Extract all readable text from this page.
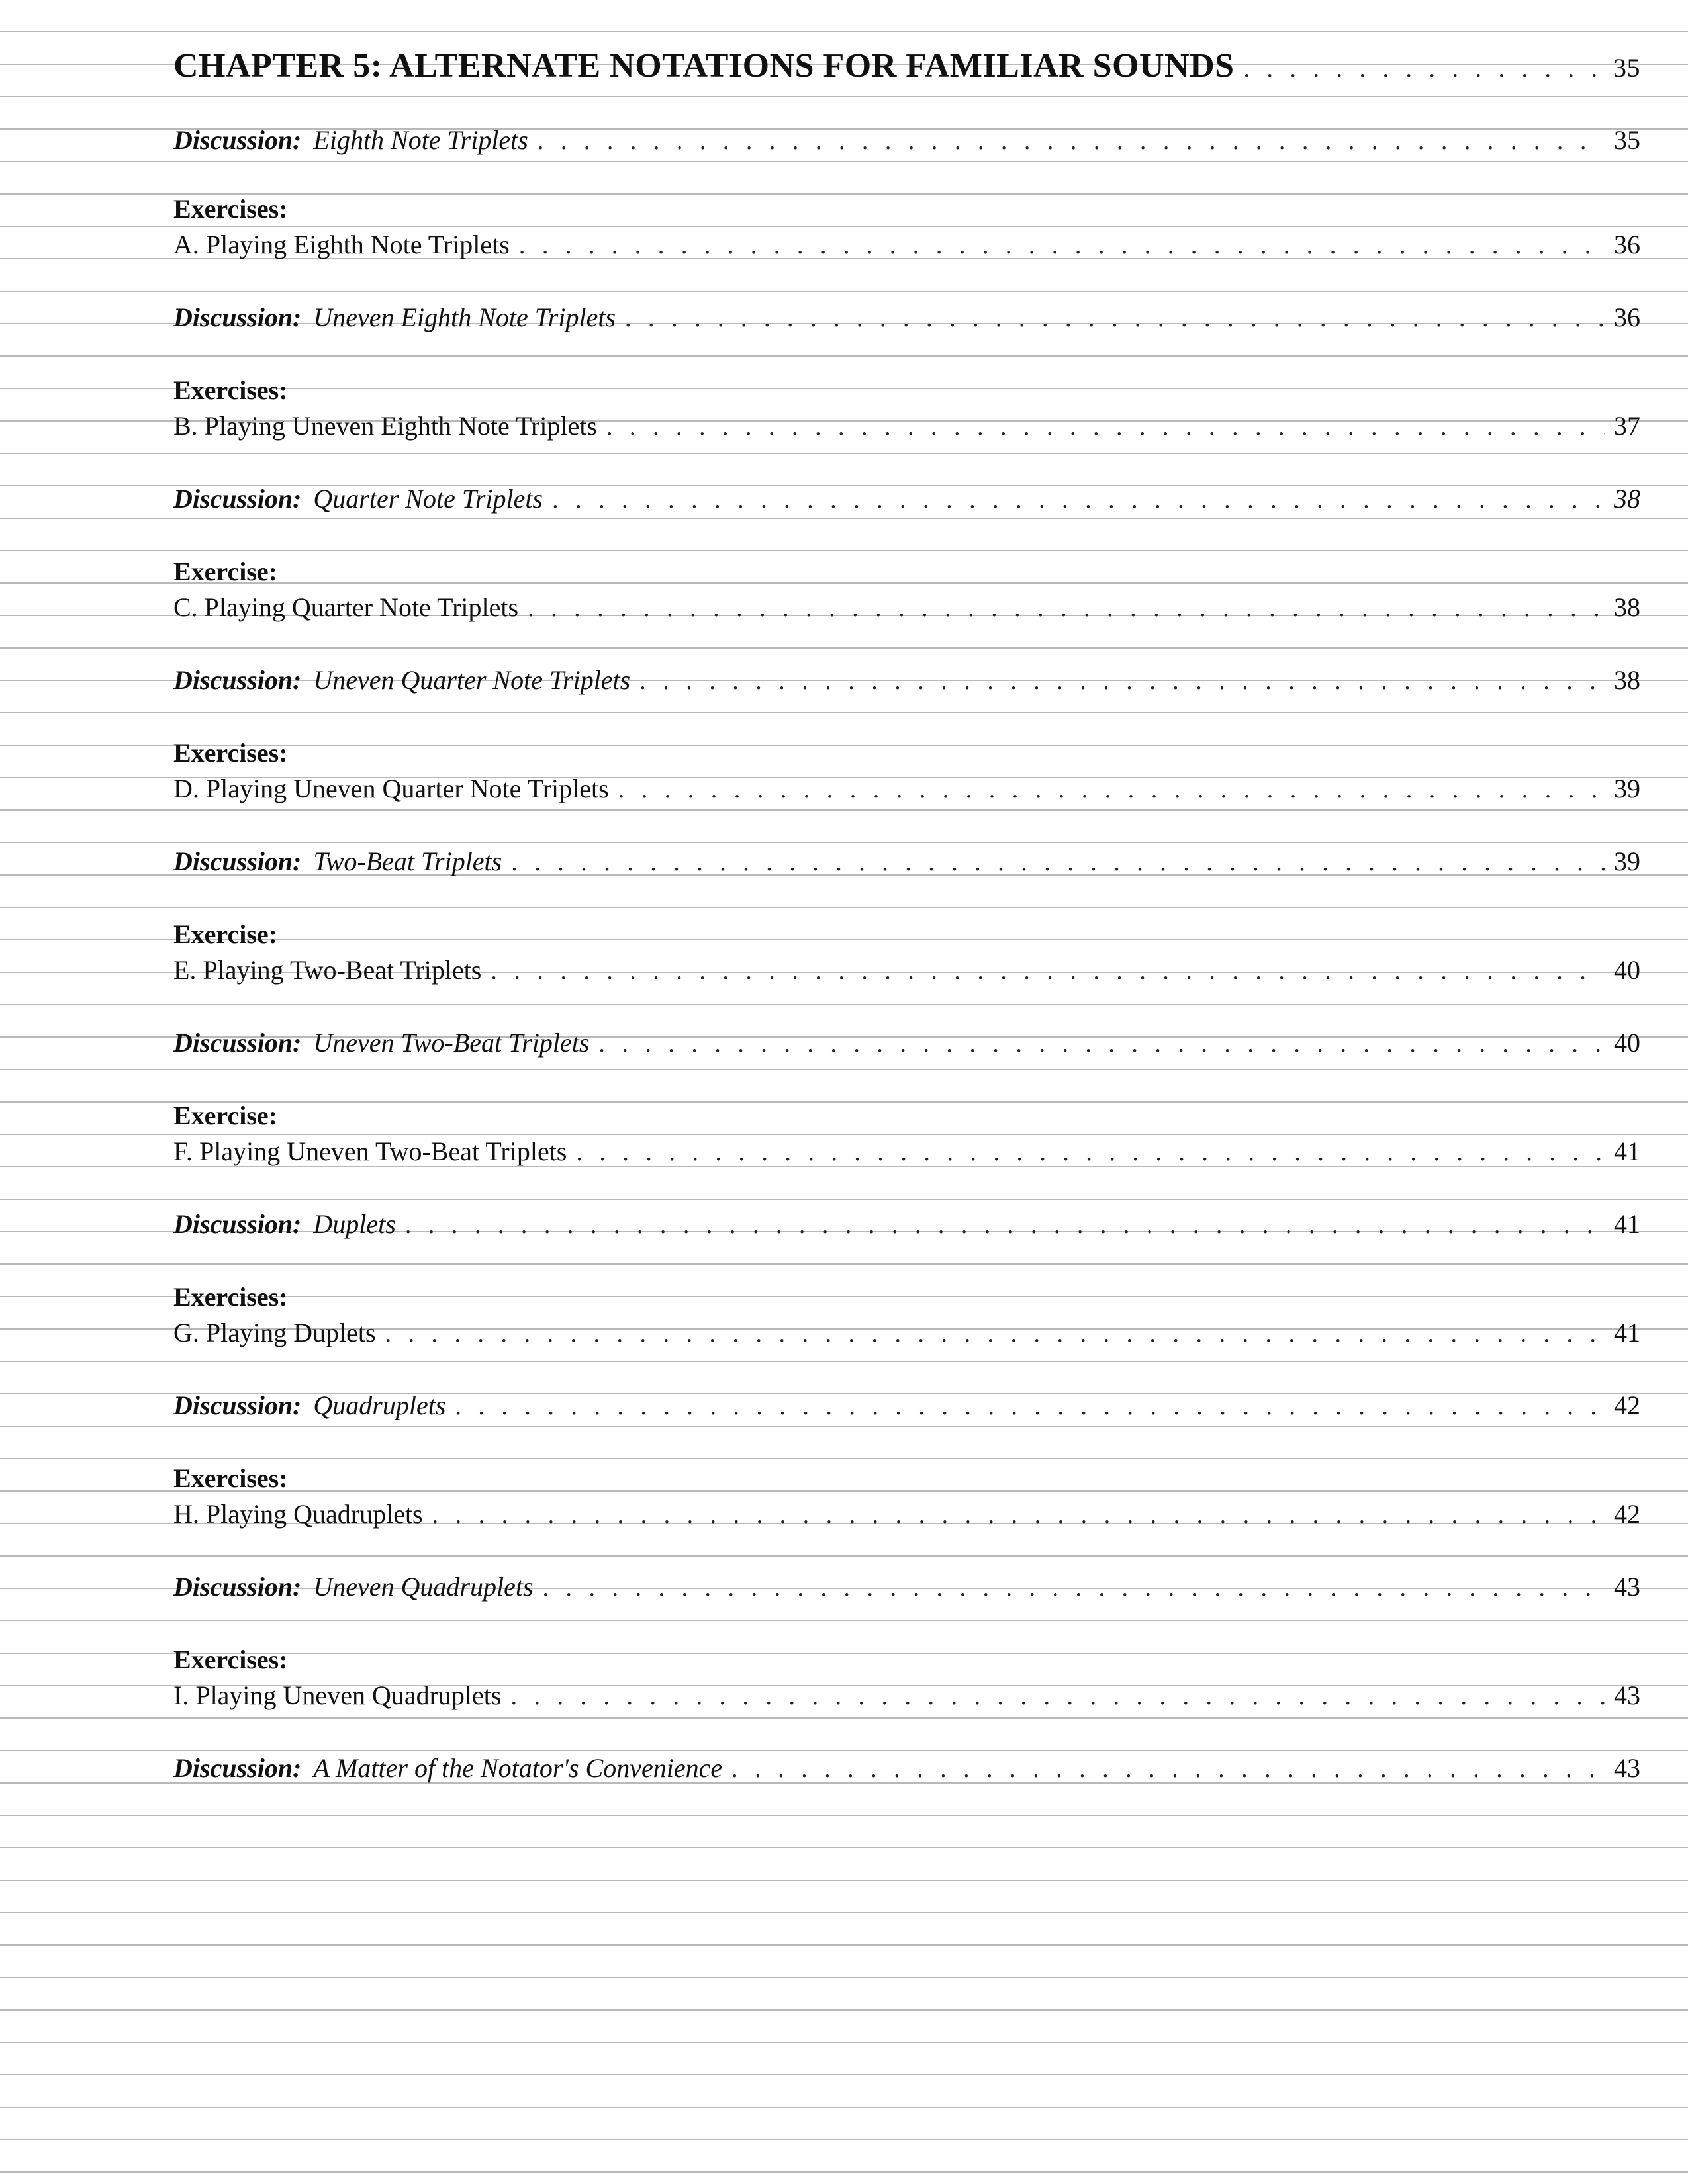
CHAPTER 5: ALTERNATE NOTATIONS FOR FAMILIAR SOUNDS . . .	35
Discussion: Eighth Note Triplets . . .	35
Exercises:
A. Playing Eighth Note Triplets . . .	36
Discussion: Uneven Eighth Note Triplets . . .	36
Exercises:
B. Playing Uneven Eighth Note Triplets . . .	37
Discussion: Quarter Note Triplets . . .	38
Exercise:
C. Playing Quarter Note Triplets . . .	38
Discussion: Uneven Quarter Note Triplets . . .	38
Exercises:
D. Playing Uneven Quarter Note Triplets . . .	39
Discussion: Two-Beat Triplets . . .	39
Exercise:
E. Playing Two-Beat Triplets . . .	40
Discussion: Uneven Two-Beat Triplets . . .	40
Exercise:
F. Playing Uneven Two-Beat Triplets . . .	41
Discussion: Duplets . . .	41
Exercises:
G. Playing Duplets . . .	41
Discussion: Quadruplets . . .	42
Exercises:
H. Playing Quadruplets . . .	42
Discussion: Uneven Quadruplets . . .	43
Exercises:
I. Playing Uneven Quadruplets . . .	43
Discussion: A Matter of the Notator's Convenience . . .	43
